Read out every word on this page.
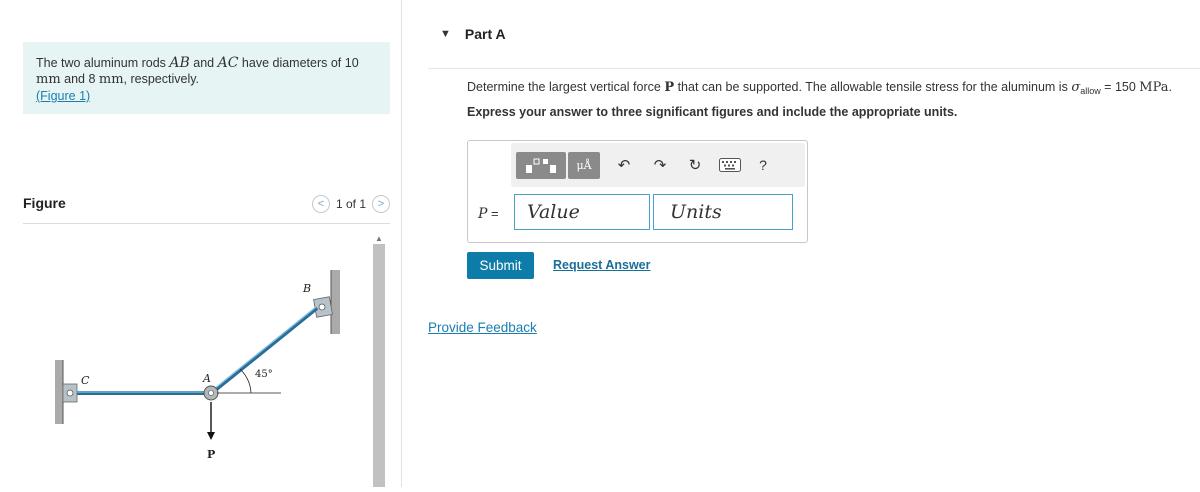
The two aluminum rods AB and AC have diameters of 10
mm and 8 mm, respectively.
(Figure 1)
Figure	< 1 of 1	>
B
C	A	45°
P
▲
▼ Part A
Determine the largest vertical force P that can be supported. The allowable tensile stress for the aluminum is $\sigma_{allow} = 150$ MPa.
Express your answer to three significant figures and include the appropriate units.
μÅ	↶ ↷ ↻	?
P =
Value
Units
Submit	Request Answer
Provide Feedback
